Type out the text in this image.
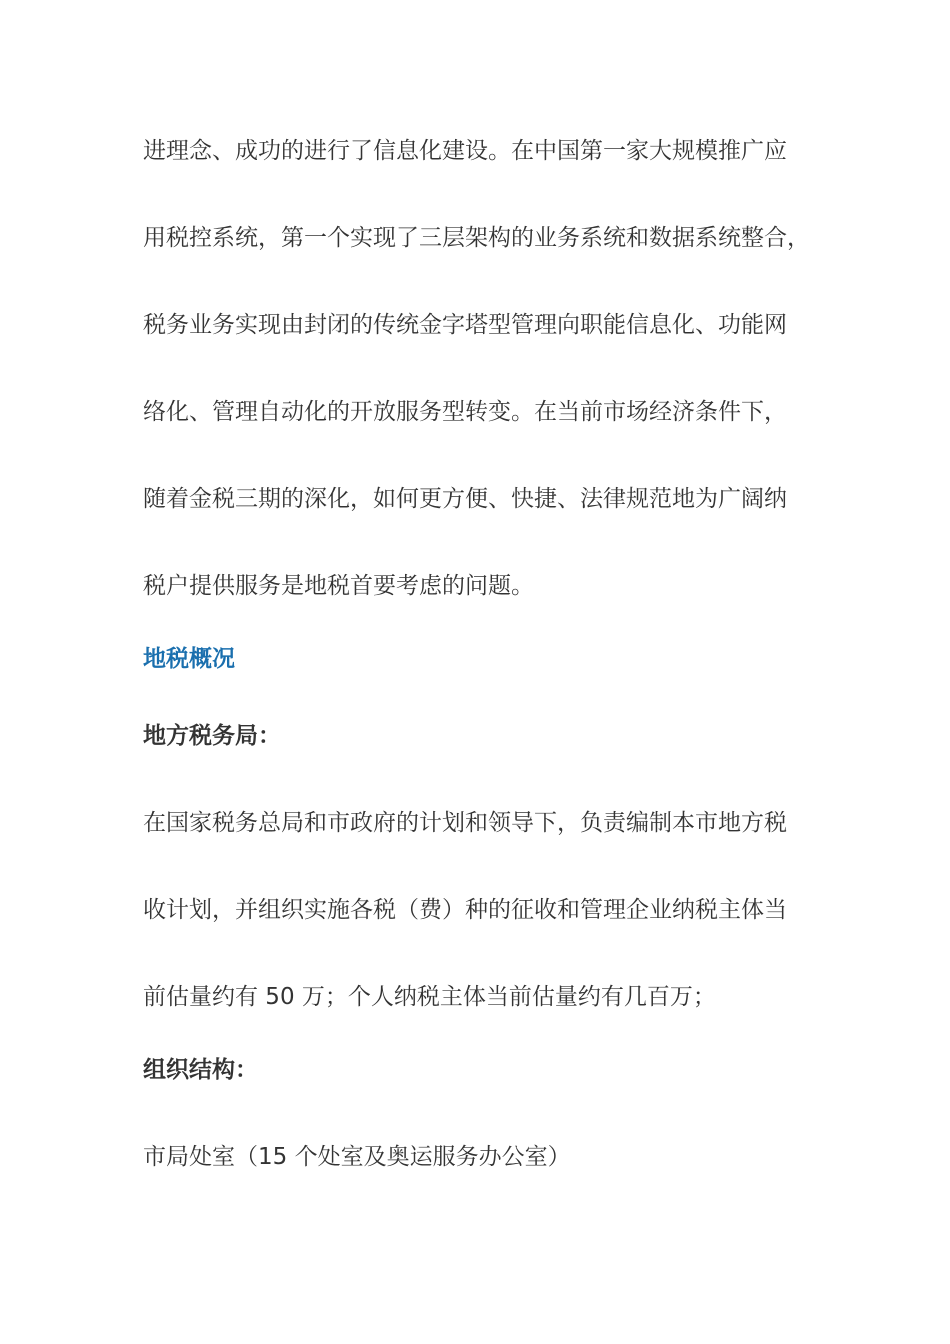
进理念、成功的进行了信息化建设。在中国第一家大规模推广应
用税控系统，第一个实现了三层架构的业务系统和数据系统整合，
税务业务实现由封闭的传统金字塔型管理向职能信息化、功能网
络化、管理自动化的开放服务型转变。在当前市场经济条件下，
随着金税三期的深化，如何更方便、快捷、法律规范地为广阔纳
税户提供服务是地税首要考虑的问题。
地税概况
地方税务局：
在国家税务总局和市政府的计划和领导下，负责编制本市地方税
收计划，并组织实施各税（费）种的征收和管理企业纳税主体当
前估量约有 50 万；个人纳税主体当前估量约有几百万；
组织结构：
市局处室（15 个处室及奥运服务办公室）
